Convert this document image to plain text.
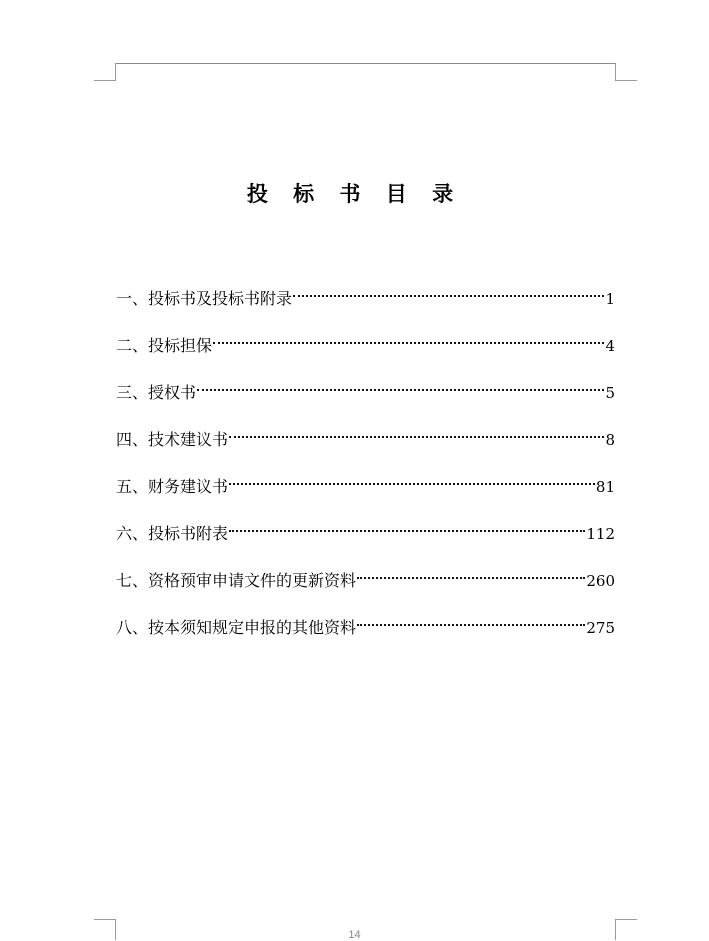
投 标 书 目 录
一、投标书及投标书附录	1
二、投标担保	4
三、授权书	5
四、技术建议书	8
五、财务建议书	81
六、投标书附表	112
七、资格预审申请文件的更新资料	260
八、按本须知规定申报的其他资料	275
14
